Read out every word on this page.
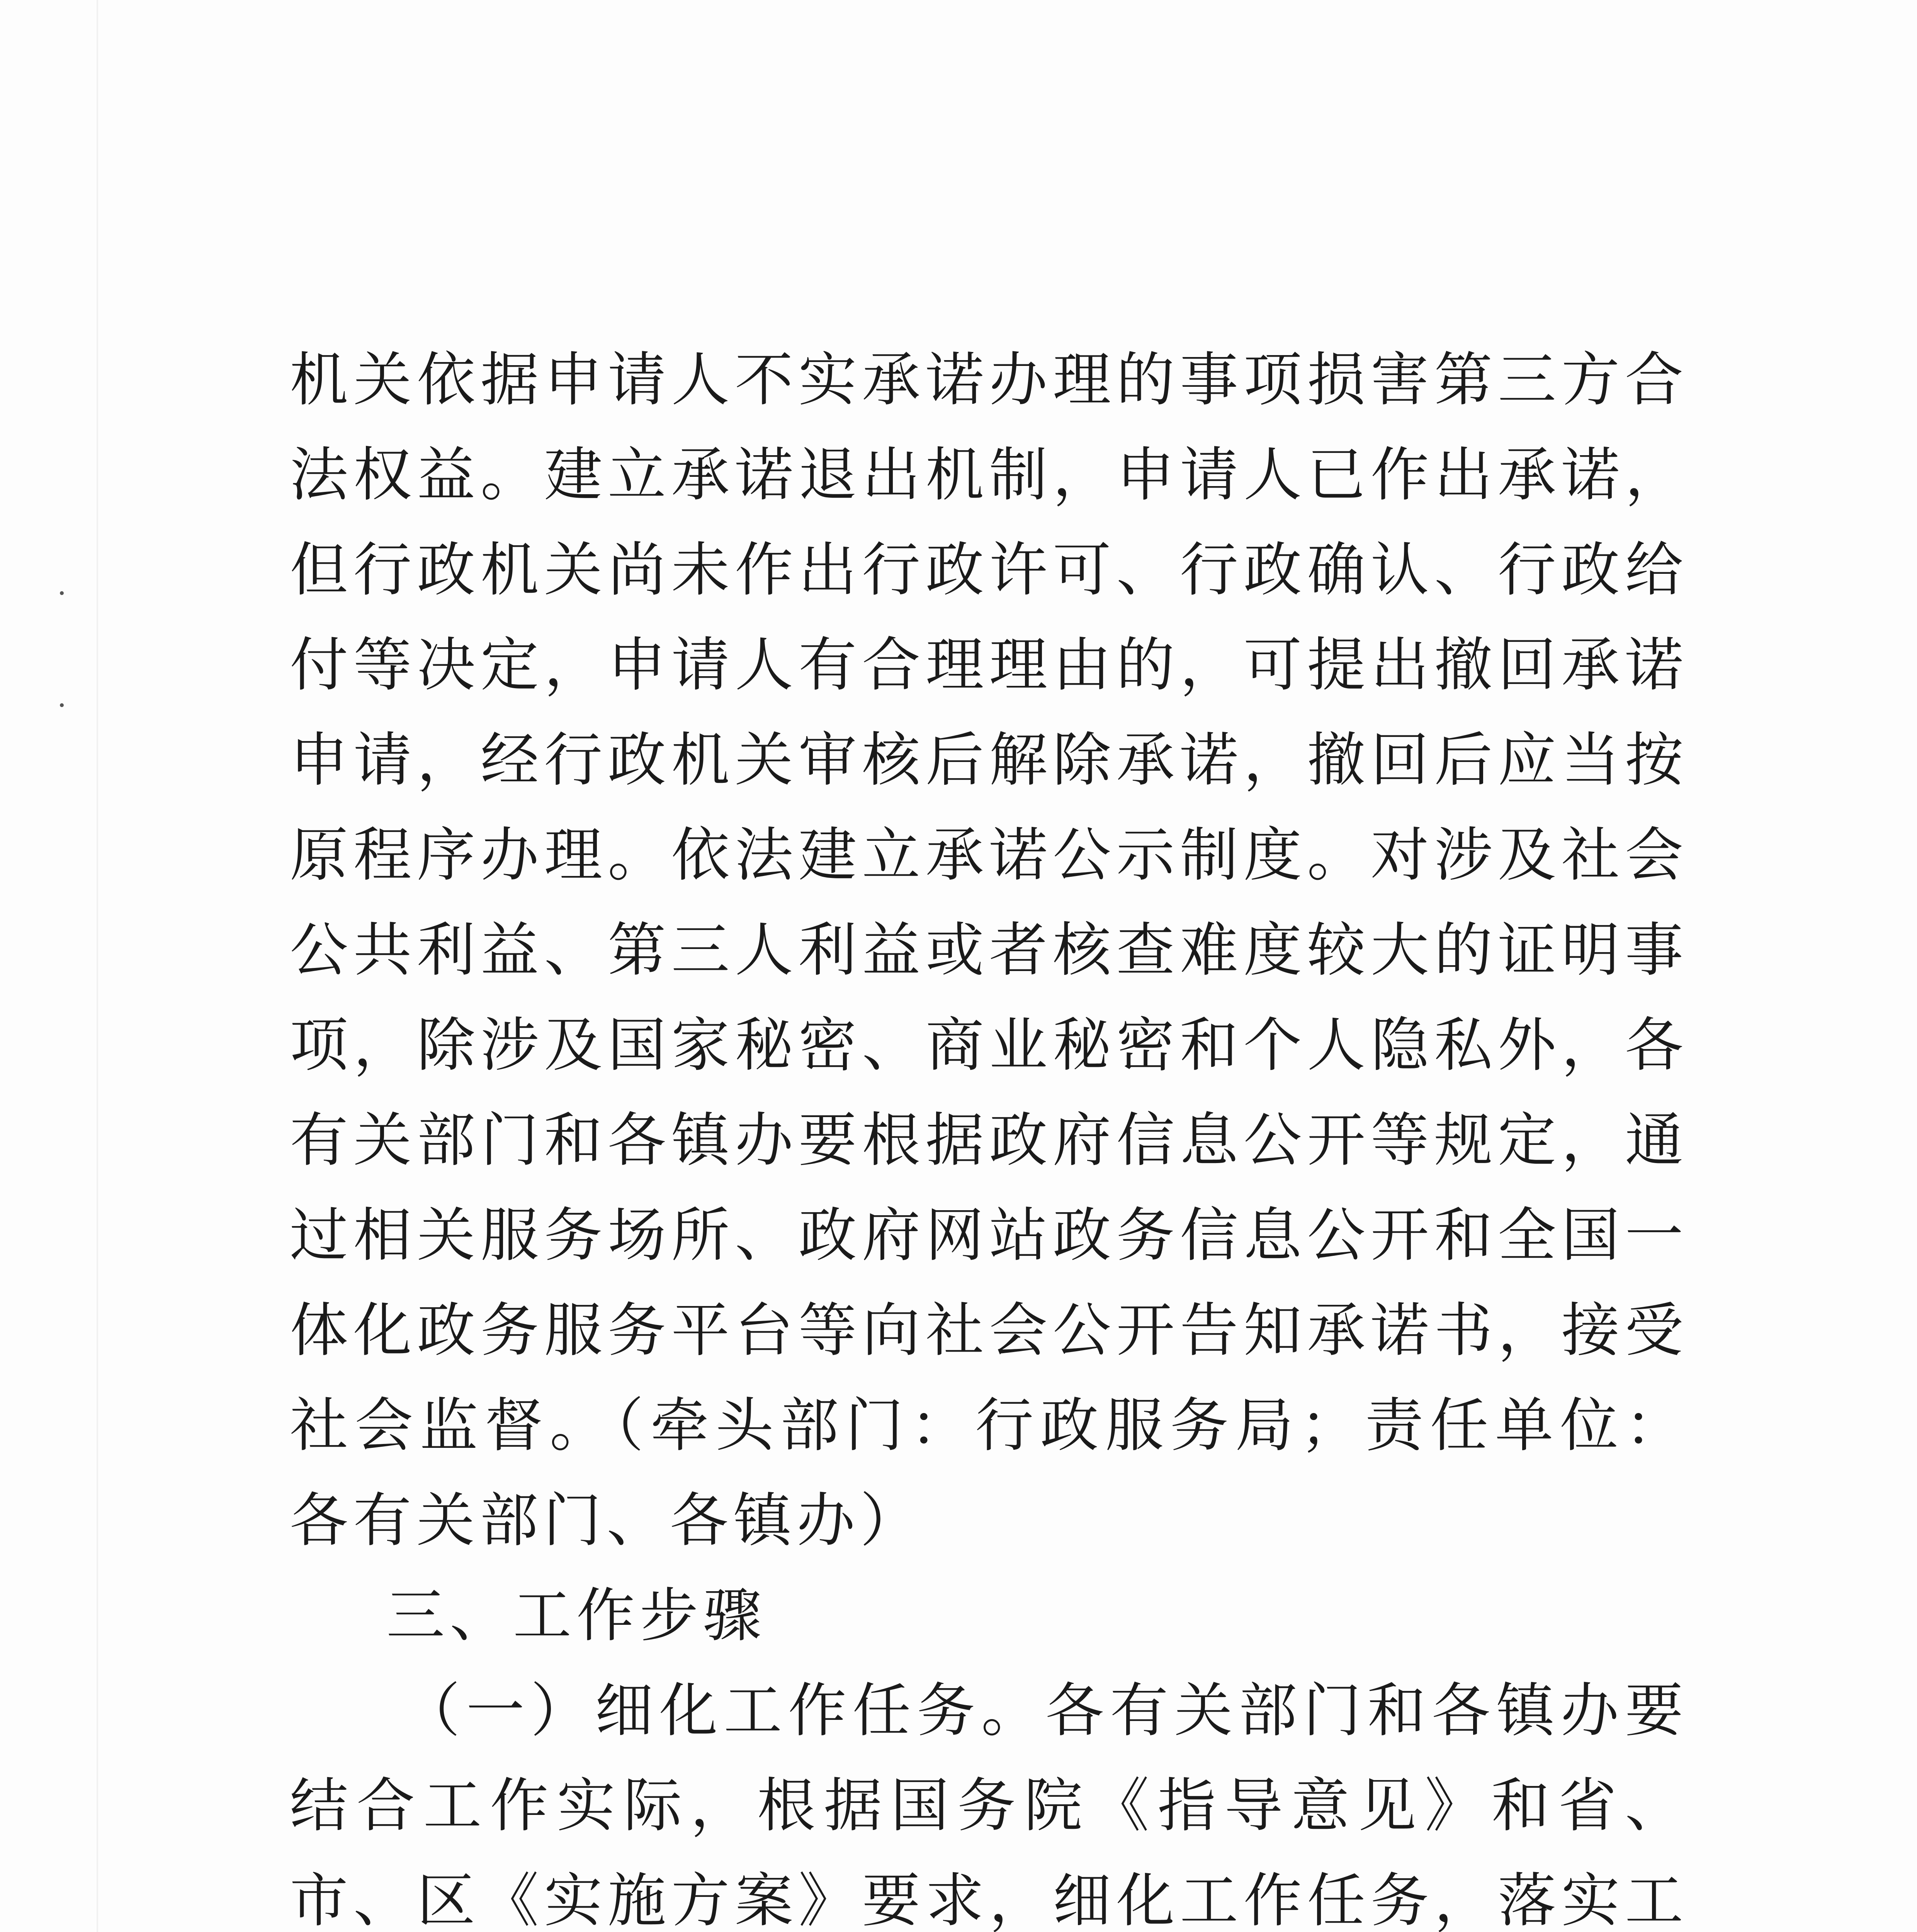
机关依据申请人不实承诺办理的事项损害第三方合法权益。建立承诺退出机制，申请人已作出承诺，但行政机关尚未作出行政许可、行政确认、行政给付等决定，申请人有合理理由的，可提出撤回承诺申请，经行政机关审核后解除承诺，撤回后应当按原程序办理。依法建立承诺公示制度。对涉及社会公共利益、第三人利益或者核查难度较大的证明事项，除涉及国家秘密、商业秘密和个人隐私外，各有关部门和各镇办要根据政府信息公开等规定，通过相关服务场所、政府网站政务信息公开和全国一体化政务服务平台等向社会公开告知承诺书，接受社会监督。（牵头部门：行政服务局；责任单位：各有关部门、各镇办）

三、工作步骤

（一）细化工作任务。各有关部门和各镇办要结合工作实际，根据国务院《指导意见》和省、市、区《实施方案》要求，细化工作任务，落实工
